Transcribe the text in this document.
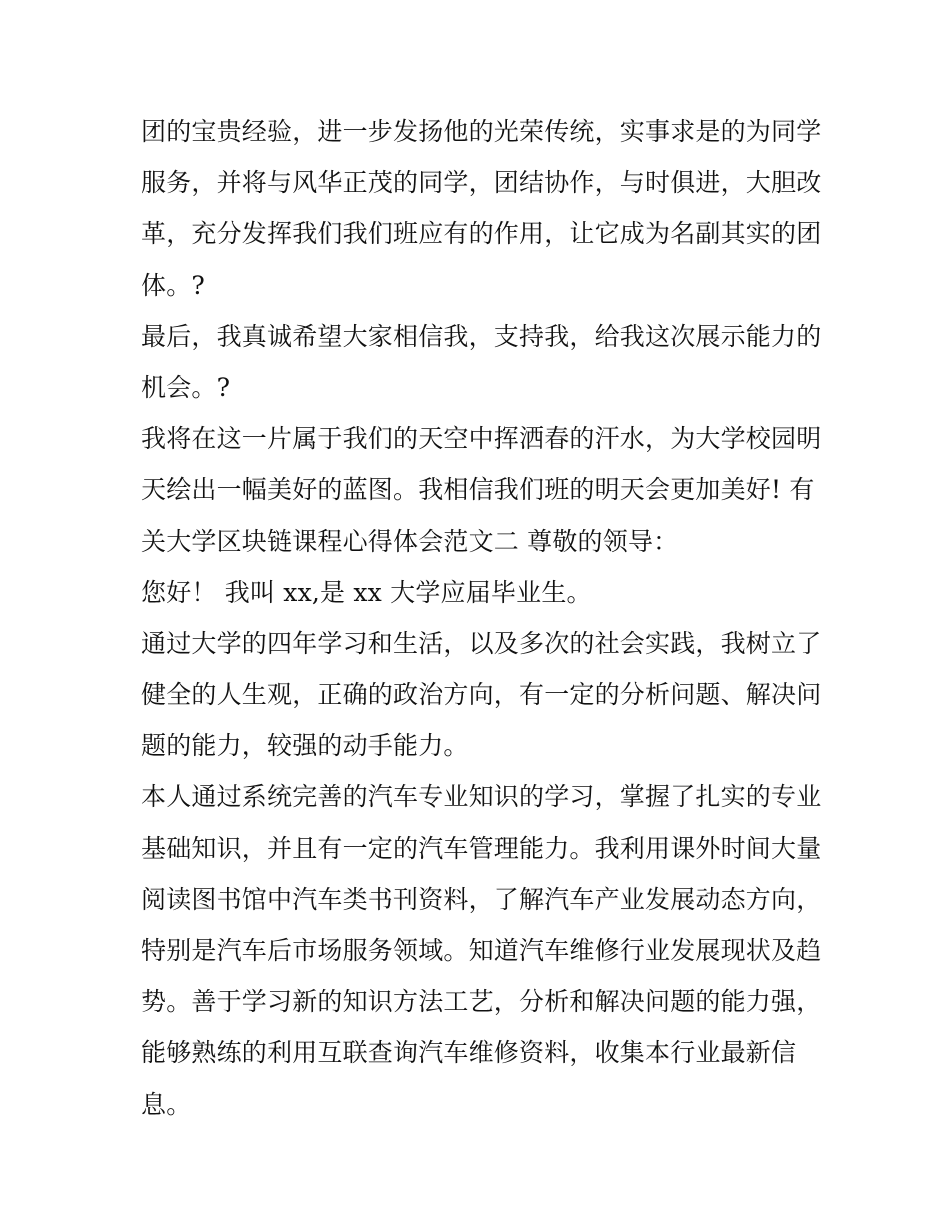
团的宝贵经验，进一步发扬他的光荣传统，实事求是的为同学
服务，并将与风华正茂的同学，团结协作，与时俱进，大胆改
革，充分发挥我们我们班应有的作用，让它成为名副其实的团
体。?
最后，我真诚希望大家相信我，支持我，给我这次展示能力的
机会。?
我将在这一片属于我们的天空中挥洒春的汗水，为大学校园明
天绘出一幅美好的蓝图。我相信我们班的明天会更加美好! 有
关大学区块链课程心得体会范文二 尊敬的领导：
您好！ 我叫 xx,是 xx 大学应届毕业生。
通过大学的四年学习和生活，以及多次的社会实践，我树立了
健全的人生观，正确的政治方向，有一定的分析问题、解决问
题的能力，较强的动手能力。
本人通过系统完善的汽车专业知识的学习，掌握了扎实的专业
基础知识，并且有一定的汽车管理能力。我利用课外时间大量
阅读图书馆中汽车类书刊资料，了解汽车产业发展动态方向，
特别是汽车后市场服务领域。知道汽车维修行业发展现状及趋
势。善于学习新的知识方法工艺，分析和解决问题的能力强，
能够熟练的利用互联查询汽车维修资料，收集本行业最新信
息。
